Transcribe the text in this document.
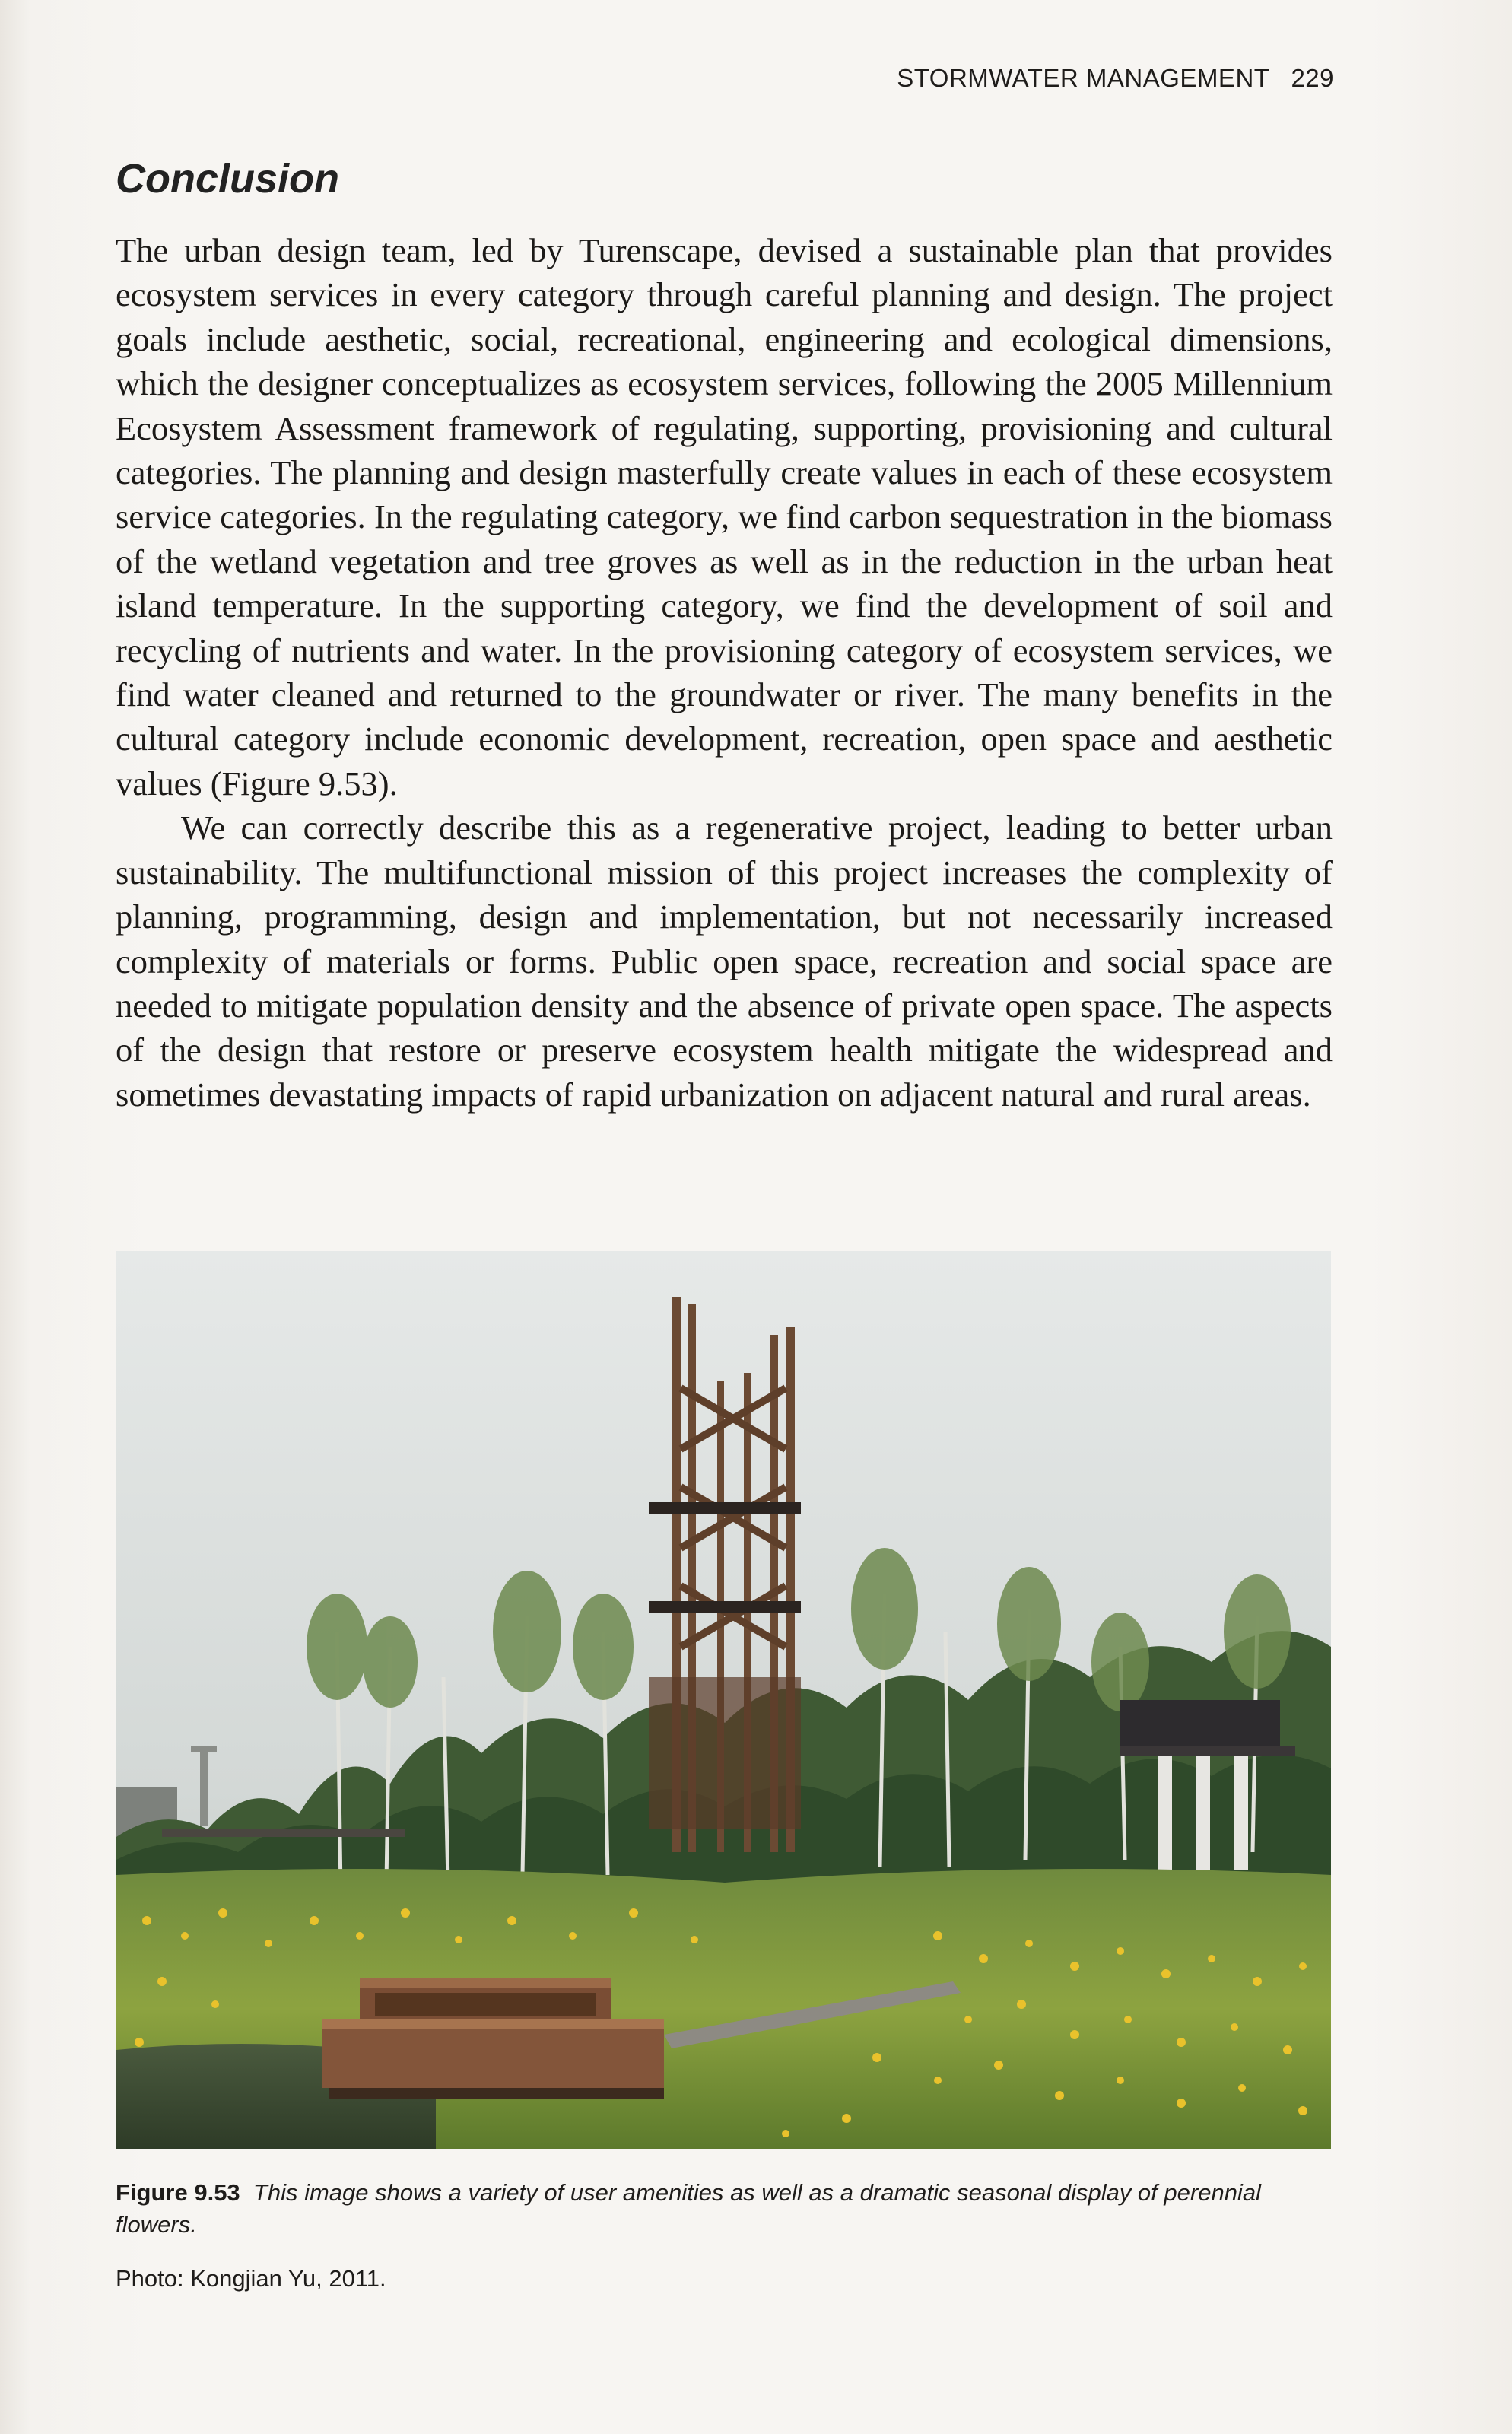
STORMWATER MANAGEMENT 229
Conclusion

The urban design team, led by Turenscape, devised a sustainable plan that provides ecosystem services in every category through careful planning and design. The project goals include aesthetic, social, recreational, engineering and ecological dimensions, which the designer conceptualizes as ecosystem services, following the 2005 Millennium Ecosystem Assessment framework of regulating, supporting, provisioning and cultural categories. The planning and design masterfully create values in each of these ecosystem service categories. In the regulating category, we find carbon sequestration in the biomass of the wetland vegetation and tree groves as well as in the reduction in the urban heat island temperature. In the supporting category, we find the development of soil and recycling of nutrients and water. In the provisioning category of ecosystem services, we find water cleaned and returned to the groundwater or river. The many benefits in the cultural category include economic development, recreation, open space and aesthetic values (Figure 9.53).

We can correctly describe this as a regenerative project, leading to better urban sustainability. The multifunctional mission of this project increases the complexity of planning, programming, design and implementation, but not necessarily increased complexity of materials or forms. Public open space, recreation and social space are needed to mitigate population density and the absence of private open space. The aspects of the design that restore or preserve ecosystem health mitigate the widespread and sometimes devastating impacts of rapid urbanization on adjacent natural and rural areas.

Figure 9.53 This image shows a variety of user amenities as well as a dramatic seasonal display of perennial flowers.
Photo: Kongjian Yu, 2011.
